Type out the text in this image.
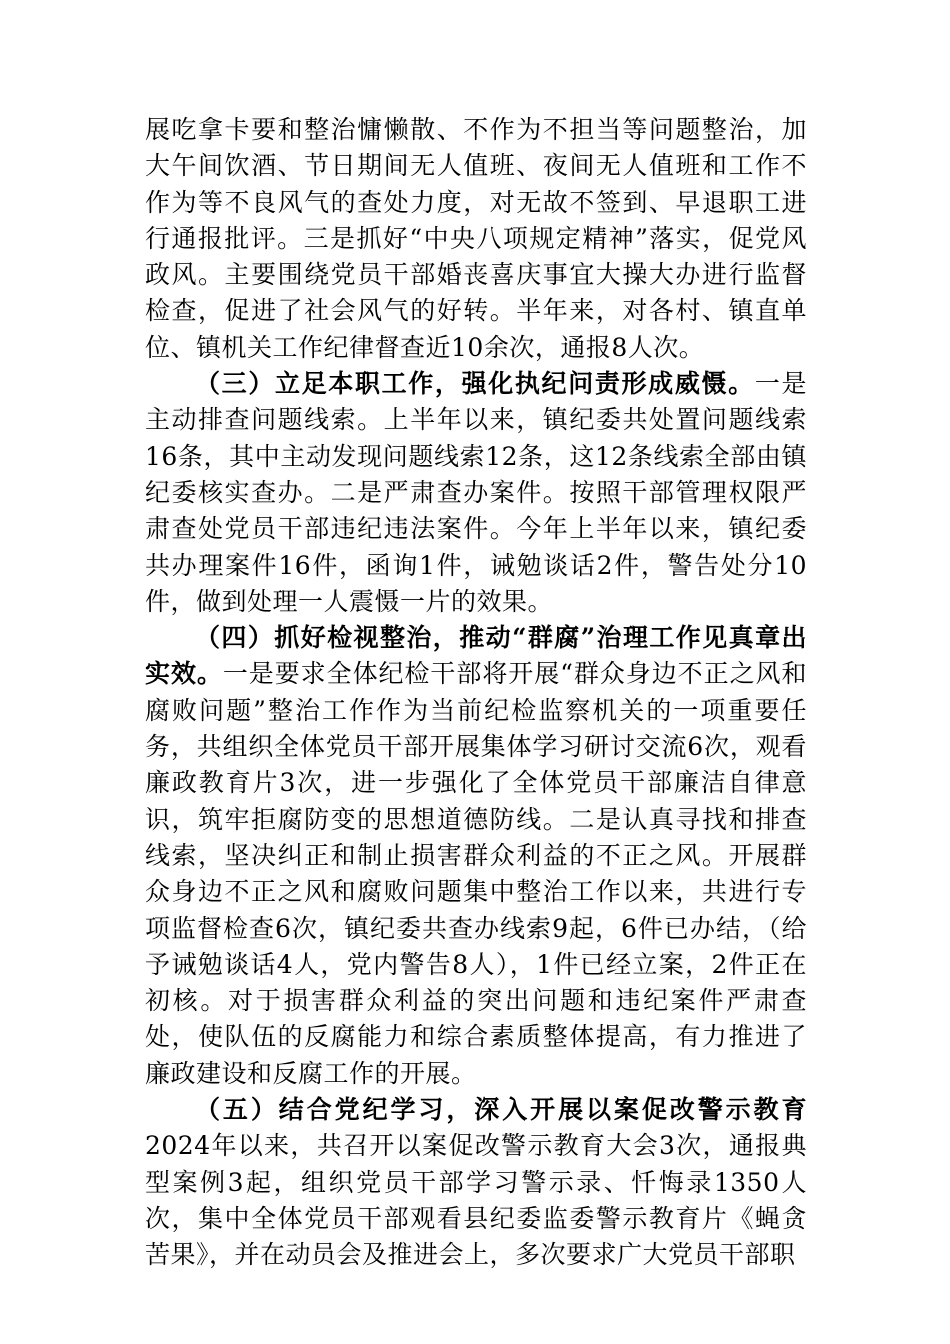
展吃拿卡要和整治慵懒散、不作为不担当等问题整治，加大午间饮酒、节日期间无人值班、夜间无人值班和工作不作为等不良风气的查处力度，对无故不签到、早退职工进行通报批评。三是抓好“中央八项规定精神”落实，促党风政风。主要围绕党员干部婚丧喜庆事宜大操大办进行监督检查，促进了社会风气的好转。半年来，对各村、镇直单位、镇机关工作纪律督查近10余次，通报8人次。

（三）立足本职工作，强化执纪问责形成威慑。一是主动排查问题线索。上半年以来，镇纪委共处置问题线索16条，其中主动发现问题线索12条，这12条线索全部由镇纪委核实查办。二是严肃查办案件。按照干部管理权限严肃查处党员干部违纪违法案件。今年上半年以来，镇纪委共办理案件16件，函询1件，诫勉谈话2件，警告处分10件，做到处理一人震慑一片的效果。

（四）抓好检视整治，推动“群腐”治理工作见真章出实效。一是要求全体纪检干部将开展“群众身边不正之风和腐败问题”整治工作作为当前纪检监察机关的一项重要任务，共组织全体党员干部开展集体学习研讨交流6次，观看廉政教育片3次，进一步强化了全体党员干部廉洁自律意识，筑牢拒腐防变的思想道德防线。二是认真寻找和排查线索，坚决纠正和制止损害群众利益的不正之风。开展群众身边不正之风和腐败问题集中整治工作以来，共进行专项监督检查6次，镇纪委共查办线索9起，6件已办结，（给予诫勉谈话4人，党内警告8人），1件已经立案，2件正在初核。对于损害群众利益的突出问题和违纪案件严肃查处，使队伍的反腐能力和综合素质整体提高，有力推进了廉政建设和反腐工作的开展。

（五）结合党纪学习，深入开展以案促改警示教育2024年以来，共召开以案促改警示教育大会3次，通报典型案例3起，组织党员干部学习警示录、忏悔录1350人次，集中全体党员干部观看县纪委监委警示教育片《蝇贪苦果》，并在动员会及推进会上，多次要求广大党员干部职
